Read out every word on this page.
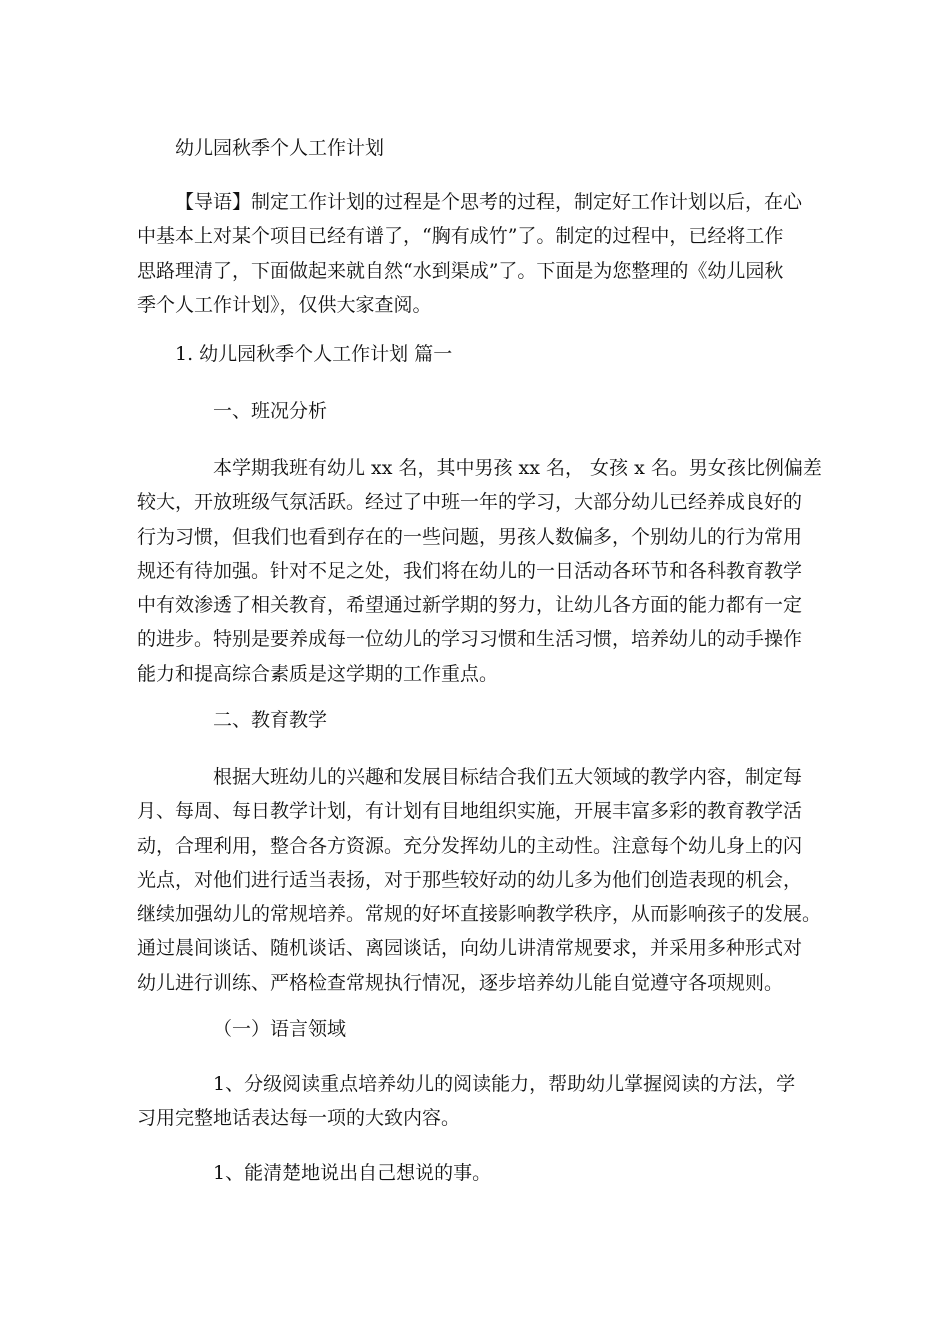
幼儿园秋季个人工作计划
【导语】制定工作计划的过程是个思考的过程，制定好工作计划以后，在心
中基本上对某个项目已经有谱了，“胸有成竹”了。制定的过程中，已经将工作
思路理清了，下面做起来就自然“水到渠成”了。下面是为您整理的《幼儿园秋
季个人工作计划》，仅供大家查阅。
1. 幼儿园秋季个人工作计划 篇一
一、班况分析
本学期我班有幼儿 xx 名，其中男孩 xx 名， 女孩 x 名。男女孩比例偏差
较大，开放班级气氛活跃。经过了中班一年的学习，大部分幼儿已经养成良好的
行为习惯，但我们也看到存在的一些问题，男孩人数偏多，个别幼儿的行为常用
规还有待加强。针对不足之处，我们将在幼儿的一日活动各环节和各科教育教学
中有效渗透了相关教育，希望通过新学期的努力，让幼儿各方面的能力都有一定
的进步。特别是要养成每一位幼儿的学习习惯和生活习惯，培养幼儿的动手操作
能力和提高综合素质是这学期的工作重点。
二、教育教学
根据大班幼儿的兴趣和发展目标结合我们五大领域的教学内容，制定每
月、每周、每日教学计划，有计划有目地组织实施，开展丰富多彩的教育教学活
动，合理利用，整合各方资源。充分发挥幼儿的主动性。注意每个幼儿身上的闪
光点，对他们进行适当表扬，对于那些较好动的幼儿多为他们创造表现的机会，
继续加强幼儿的常规培养。常规的好坏直接影响教学秩序，从而影响孩子的发展。
通过晨间谈话、随机谈话、离园谈话，向幼儿讲清常规要求，并采用多种形式对
幼儿进行训练、严格检查常规执行情况，逐步培养幼儿能自觉遵守各项规则。
（一）语言领域
1、分级阅读重点培养幼儿的阅读能力，帮助幼儿掌握阅读的方法，学
习用完整地话表达每一项的大致内容。
1、能清楚地说出自己想说的事。
